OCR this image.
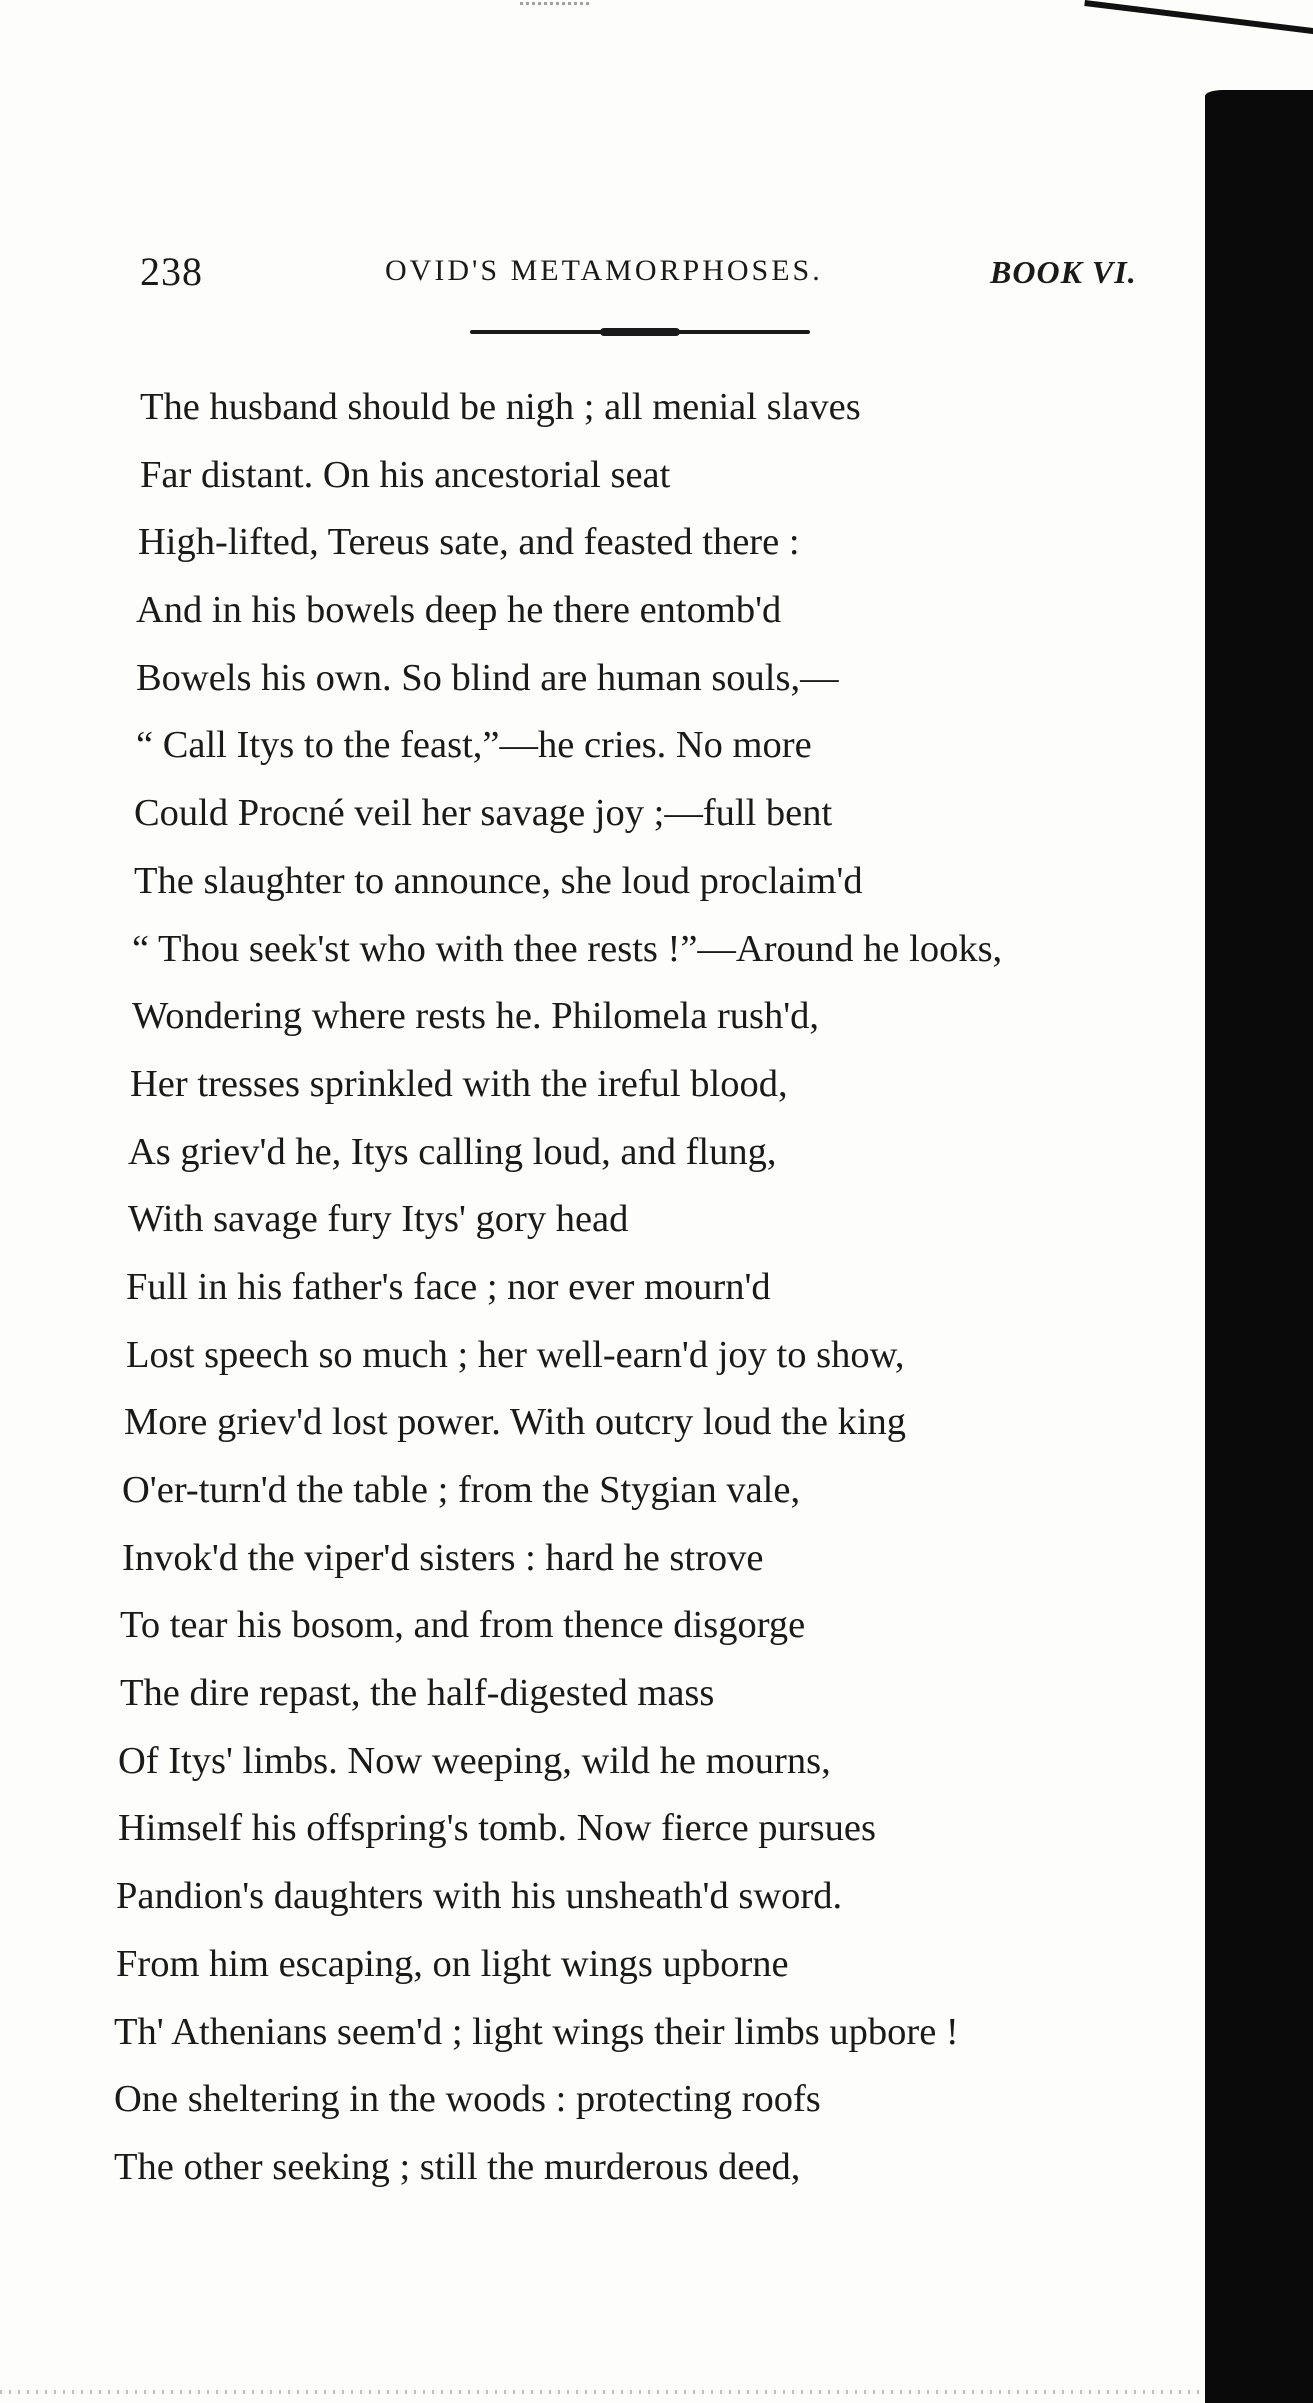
238	OVID'S METAMORPHOSES.	BOOK VI.
The husband should be nigh ; all menial slaves
Far distant. On his ancestorial seat
High-lifted, Tereus sate, and feasted there :
And in his bowels deep he there entomb'd
Bowels his own. So blind are human souls,—
“ Call Itys to the feast,”—he cries. No more
Could Procné veil her savage joy ;—full bent
The slaughter to announce, she loud proclaim'd
“ Thou seek'st who with thee rests !”—Around he looks,
Wondering where rests he. Philomela rush'd,
Her tresses sprinkled with the ireful blood,
As griev'd he, Itys calling loud, and flung,
With savage fury Itys' gory head
Full in his father's face ; nor ever mourn'd
Lost speech so much ; her well-earn'd joy to show,
More griev'd lost power. With outcry loud the king
O'er-turn'd the table ; from the Stygian vale,
Invok'd the viper'd sisters : hard he strove
To tear his bosom, and from thence disgorge
The dire repast, the half-digested mass
Of Itys' limbs. Now weeping, wild he mourns,
Himself his offspring's tomb. Now fierce pursues
Pandion's daughters with his unsheath'd sword.
From him escaping, on light wings upborne
Th' Athenians seem'd ; light wings their limbs upbore !
One sheltering in the woods : protecting roofs
The other seeking ; still the murderous deed,
